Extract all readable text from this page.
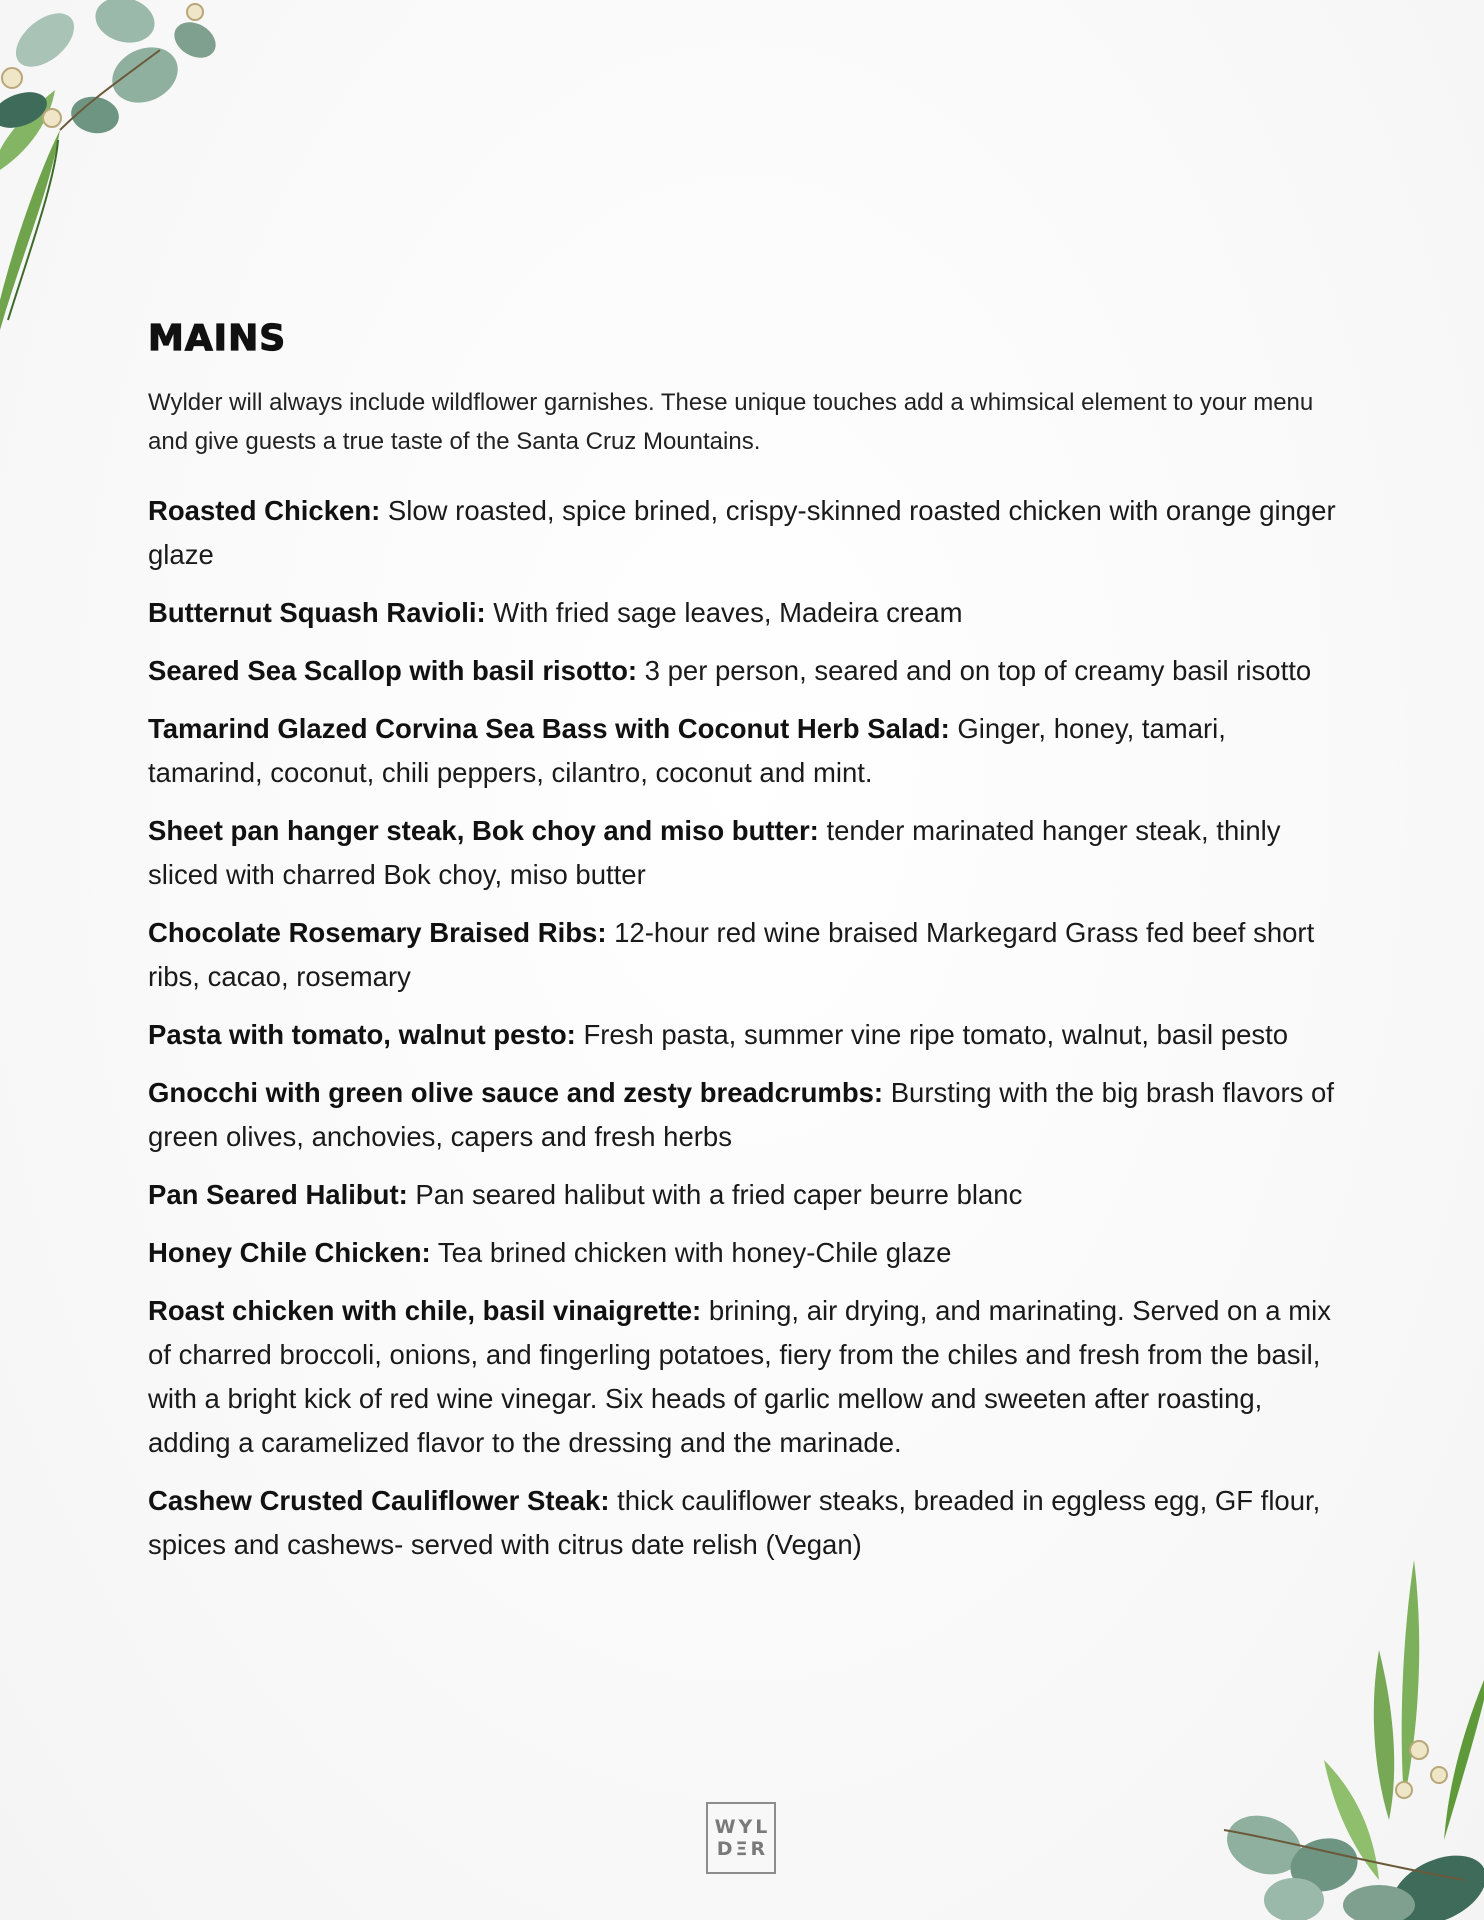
MAINS

Wylder will always include wildflower garnishes. These unique touches add a whimsical element to your menu and give guests a true taste of the Santa Cruz Mountains.

Roasted Chicken: Slow roasted, spice brined, crispy-skinned roasted chicken with orange ginger glaze
Butternut Squash Ravioli: With fried sage leaves, Madeira cream
Seared Sea Scallop with basil risotto: 3 per person, seared and on top of creamy basil risotto
Tamarind Glazed Corvina Sea Bass with Coconut Herb Salad: Ginger, honey, tamari, tamarind, coconut, chili peppers, cilantro, coconut and mint.
Sheet pan hanger steak, Bok choy and miso butter: tender marinated hanger steak, thinly sliced with charred Bok choy, miso butter
Chocolate Rosemary Braised Ribs: 12-hour red wine braised Markegard Grass fed beef short ribs, cacao, rosemary
Pasta with tomato, walnut pesto: Fresh pasta, summer vine ripe tomato, walnut, basil pesto
Gnocchi with green olive sauce and zesty breadcrumbs: Bursting with the big brash flavors of green olives, anchovies, capers and fresh herbs
Pan Seared Halibut: Pan seared halibut with a fried caper beurre blanc
Honey Chile Chicken: Tea brined chicken with honey-Chile glaze
Roast chicken with chile, basil vinaigrette: brining, air drying, and marinating. Served on a mix of charred broccoli, onions, and fingerling potatoes, fiery from the chiles and fresh from the basil, with a bright kick of red wine vinegar. Six heads of garlic mellow and sweeten after roasting, adding a caramelized flavor to the dressing and the marinade.
Cashew Crusted Cauliflower Steak: thick cauliflower steaks, breaded in eggless egg, GF flour, spices and cashews- served with citrus date relish (Vegan)
WYL
DΞR
